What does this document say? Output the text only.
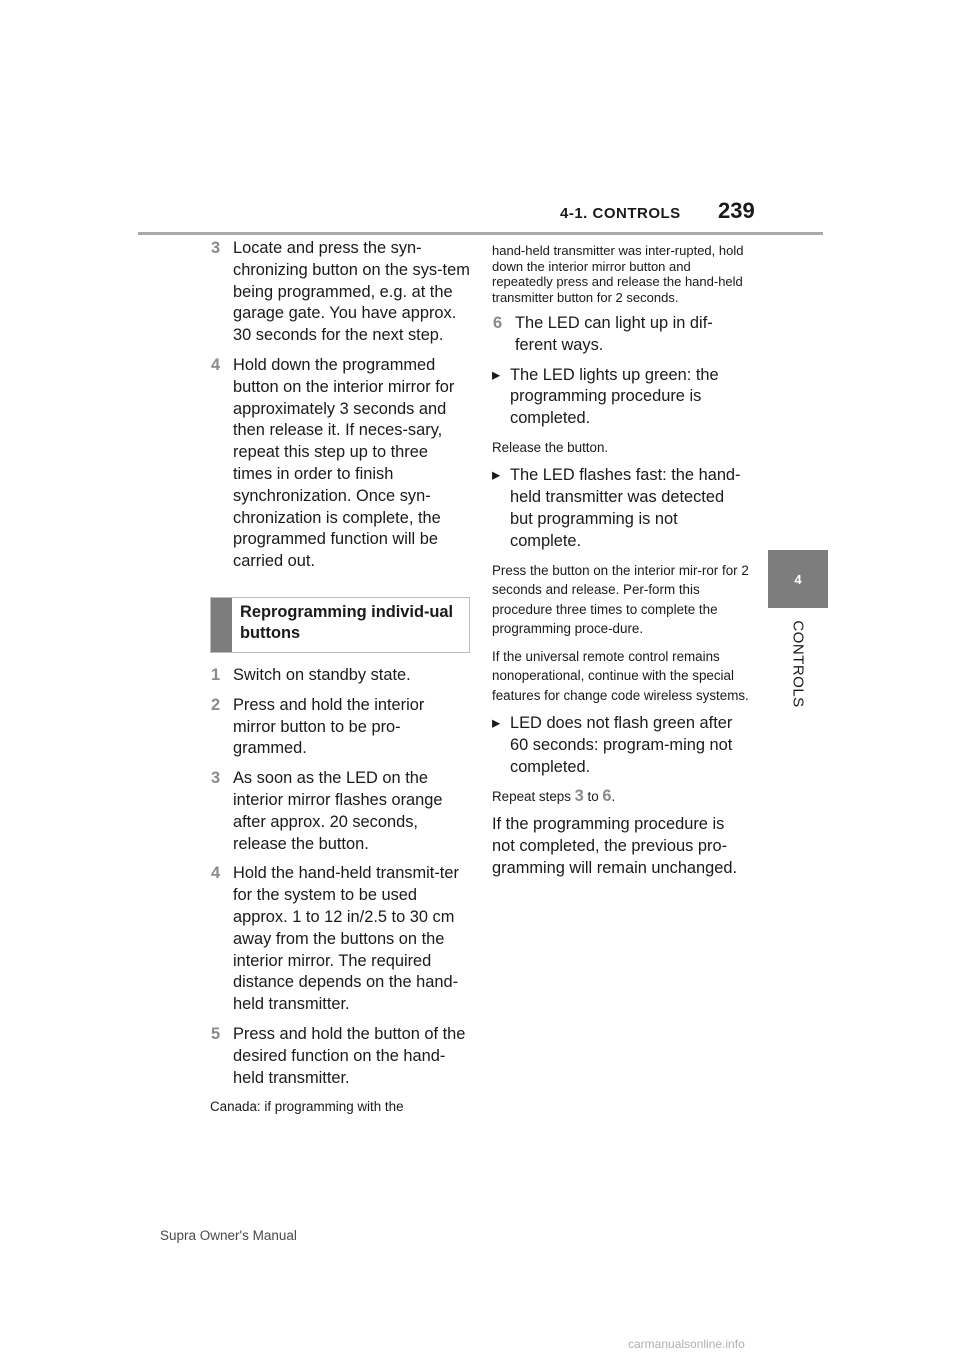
4-1. CONTROLS 239
4
CONTROLS
3 Locate and press the syn-chronizing button on the sys-tem being programmed, e.g. at the garage gate. You have approx. 30 seconds for the next step.
4 Hold down the programmed button on the interior mirror for approximately 3 seconds and then release it. If neces-sary, repeat this step up to three times in order to finish synchronization. Once syn-chronization is complete, the programmed function will be carried out.
Reprogramming individ-ual buttons
1 Switch on standby state.
2 Press and hold the interior mirror button to be pro-grammed.
3 As soon as the LED on the interior mirror flashes orange after approx. 20 seconds, release the button.
4 Hold the hand-held transmit-ter for the system to be used approx. 1 to 12 in/2.5 to 30 cm away from the buttons on the interior mirror. The required distance depends on the hand-held transmitter.
5 Press and hold the button of the desired function on the hand-held transmitter.
Canada: if programming with the
hand-held transmitter was inter-rupted, hold down the interior mirror button and repeatedly press and release the hand-held transmitter button for 2 seconds.
6 The LED can light up in dif-ferent ways.
▸ The LED lights up green: the programming procedure is completed.
Release the button.
▸ The LED flashes fast: the hand-held transmitter was detected but programming is not complete.
Press the button on the interior mir-ror for 2 seconds and release. Per-form this procedure three times to complete the programming proce-dure.
If the universal remote control remains nonoperational, continue with the special features for change code wireless systems.
▸ LED does not flash green after 60 seconds: program-ming not completed.
Repeat steps 3 to 6.
If the programming procedure is not completed, the previous pro-gramming will remain unchanged.
Supra Owner's Manual
carmanualsonline.info
